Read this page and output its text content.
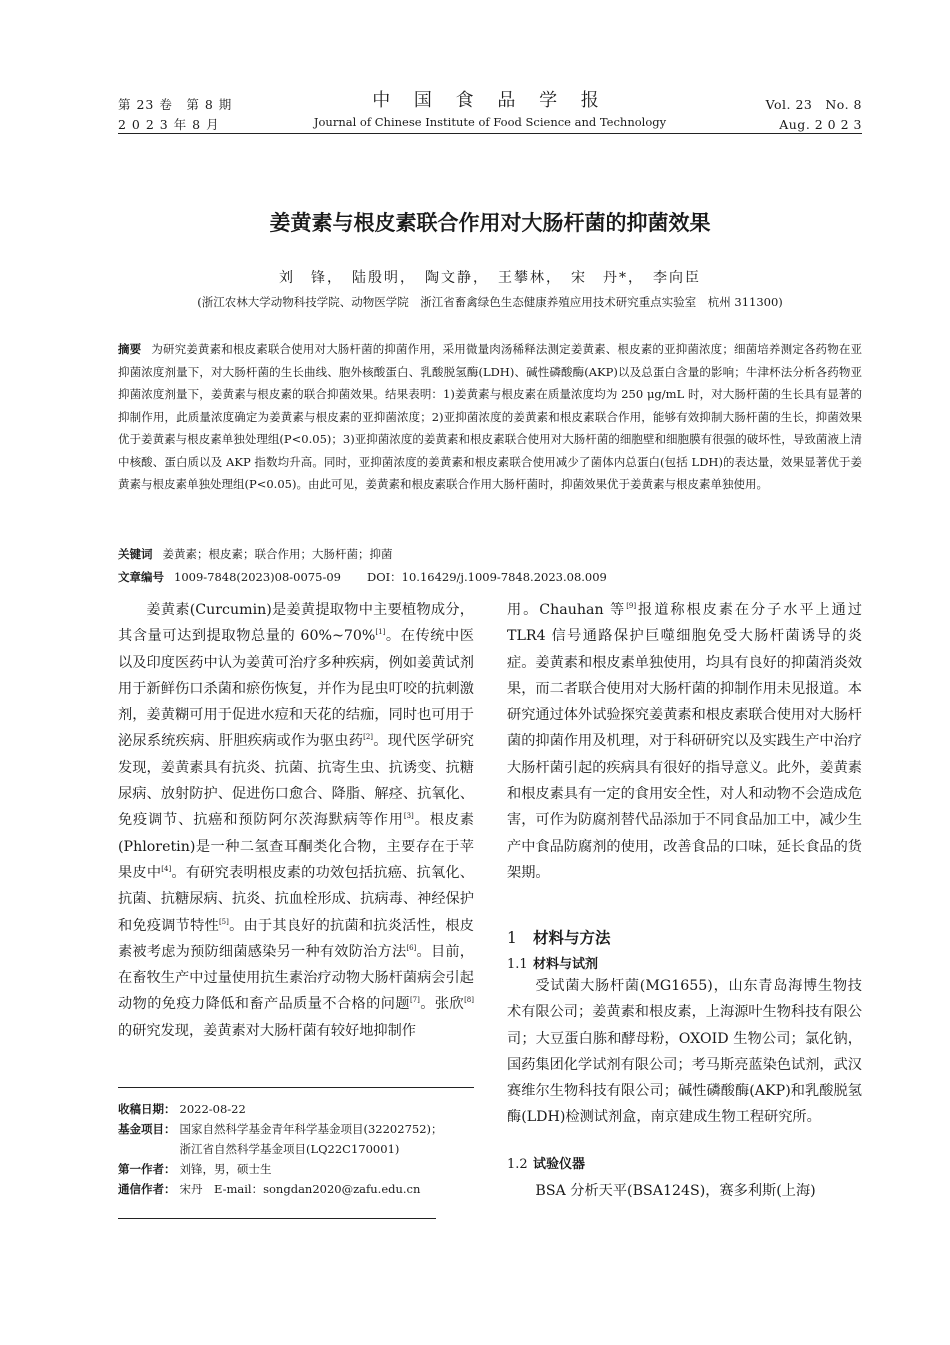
第 23 卷　第 8 期
2 0 2 3 年 8 月
中 国 食 品 学 报
Journal of Chinese Institute of Food Science and Technology
Vol. 23　No. 8
Aug. 2 0 2 3
姜黄素与根皮素联合作用对大肠杆菌的抑菌效果
刘　锋，　陆殷明，　陶文静，　王攀林，　宋　丹*，　李向臣
(浙江农林大学动物科技学院、动物医学院　浙江省畜禽绿色生态健康养殖应用技术研究重点实验室　杭州 311300)
摘要 为研究姜黄素和根皮素联合使用对大肠杆菌的抑菌作用，采用微量肉汤稀释法测定姜黄素、根皮素的亚抑菌浓度；细菌培养测定各药物在亚抑菌浓度剂量下，对大肠杆菌的生长曲线、胞外核酸蛋白、乳酸脱氢酶(LDH)、碱性磷酸酶(AKP)以及总蛋白含量的影响；牛津杯法分析各药物亚抑菌浓度剂量下，姜黄素与根皮素的联合抑菌效果。结果表明：1)姜黄素与根皮素在质量浓度均为 250 μg/mL 时，对大肠杆菌的生长具有显著的抑制作用，此质量浓度确定为姜黄素与根皮素的亚抑菌浓度；2)亚抑菌浓度的姜黄素和根皮素联合作用，能够有效抑制大肠杆菌的生长，抑菌效果优于姜黄素与根皮素单独处理组(P<0.05)；3)亚抑菌浓度的姜黄素和根皮素联合使用对大肠杆菌的细胞壁和细胞膜有很强的破坏性，导致菌液上清中核酸、蛋白质以及 AKP 指数均升高。同时，亚抑菌浓度的姜黄素和根皮素联合使用减少了菌体内总蛋白(包括 LDH)的表达量，效果显著优于姜黄素与根皮素单独处理组(P<0.05)。由此可见，姜黄素和根皮素联合作用大肠杆菌时，抑菌效果优于姜黄素与根皮素单独使用。
关键词 姜黄素；根皮素；联合作用；大肠杆菌；抑菌
文章编号 1009-7848(2023)08-0075-09 DOI：10.16429/j.1009-7848.2023.08.009

姜黄素(Curcumin)是姜黄提取物中主要植物成分，其含量可达到提取物总量的 60%~70%[1]。在传统中医以及印度医药中认为姜黄可治疗多种疾病，例如姜黄试剂用于新鲜伤口杀菌和瘀伤恢复，并作为昆虫叮咬的抗刺激剂，姜黄糊可用于促进水痘和天花的结痂，同时也可用于泌尿系统疾病、肝胆疾病或作为驱虫药[2]。现代医学研究发现，姜黄素具有抗炎、抗菌、抗寄生虫、抗诱变、抗糖尿病、放射防护、促进伤口愈合、降脂、解痉、抗氧化、免疫调节、抗癌和预防阿尔茨海默病等作用[3]。根皮素(Phloretin)是一种二氢查耳酮类化合物，主要存在于苹果皮中[4]。有研究表明根皮素的功效包括抗癌、抗氧化、抗菌、抗糖尿病、抗炎、抗血栓形成、抗病毒、神经保护和免疫调节特性[5]。由于其良好的抗菌和抗炎活性，根皮素被考虑为预防细菌感染另一种有效防治方法[6]。目前，在畜牧生产中过量使用抗生素治疗动物大肠杆菌病会引起动物的免疫力降低和畜产品质量不合格的问题[7]。张欣[8]的研究发现，姜黄素对大肠杆菌有较好地抑制作

收稿日期： 2022-08-22
基金项目： 国家自然科学基金青年科学基金项目(32202752)；
浙江省自然科学基金项目(LQ22C170001)
第一作者： 刘锋，男，硕士生
通信作者： 宋丹　E-mail：songdan2020@zafu.edu.cn

用。Chauhan 等[9]报道称根皮素在分子水平上通过 TLR4 信号通路保护巨噬细胞免受大肠杆菌诱导的炎症。姜黄素和根皮素单独使用，均具有良好的抑菌消炎效果，而二者联合使用对大肠杆菌的抑制作用未见报道。本研究通过体外试验探究姜黄素和根皮素联合使用对大肠杆菌的抑菌作用及机理，对于科研研究以及实践生产中治疗大肠杆菌引起的疾病具有很好的指导意义。此外，姜黄素和根皮素具有一定的食用安全性，对人和动物不会造成危害，可作为防腐剂替代品添加于不同食品加工中，减少生产中食品防腐剂的使用，改善食品的口味，延长食品的货架期。

1 材料与方法
1.1 材料与试剂

受试菌大肠杆菌(MG1655)，山东青岛海博生物技术有限公司；姜黄素和根皮素，上海源叶生物科技有限公司；大豆蛋白胨和酵母粉，OXOID 生物公司；氯化钠，国药集团化学试剂有限公司；考马斯亮蓝染色试剂，武汉赛维尔生物科技有限公司；碱性磷酸酶(AKP)和乳酸脱氢酶(LDH)检测试剂盒，南京建成生物工程研究所。

1.2 试验仪器

BSA 分析天平(BSA124S)，赛多利斯(上海)
